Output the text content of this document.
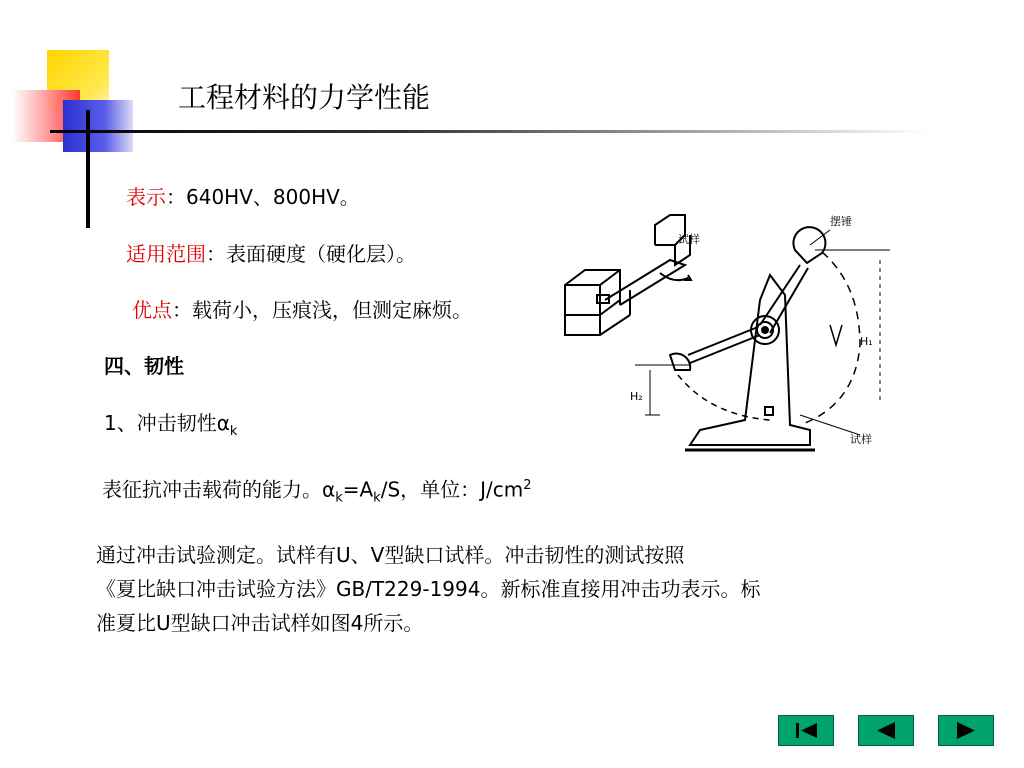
工程材料的力学性能
表示：640HV、800HV。
适用范围：表面硬度（硬化层）。
优点：载荷小，压痕浅，但测定麻烦。
四、韧性
1、冲击韧性$\alpha_k$
表征抗冲击载荷的能力。$\alpha_k=A_k/S$，单位：$J/cm^2$
通过冲击试验测定。试样有U、V型缺口试样。冲击韧性的测试按照
《夏比缺口冲击试验方法》GB/T229-1994。新标准直接用冲击功表示。标
准夏比U型缺口冲击试样如图4所示。
试样
摆锤
试样
H₁
H₂
